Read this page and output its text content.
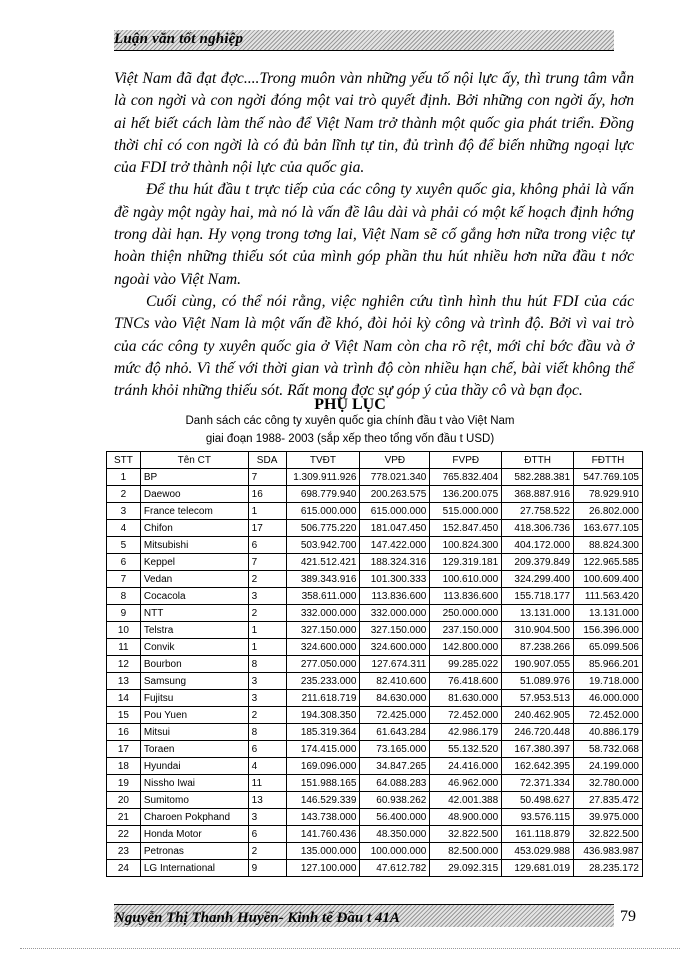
Luận văn tốt nghiệp

Việt Nam đã đạt đợc....Trong muôn vàn những yếu tố nội lực ấy, thì trung tâm vẫn là con ngời và con ngời đóng một vai trò quyết định. Bởi những con ngời ấy, hơn ai hết biết cách làm thế nào để Việt Nam trở thành một quốc gia phát triển. Đồng thời chỉ có con ngời là có đủ bản lĩnh tự tin, đủ trình độ để biến những ngoại lực của FDI trở thành nội lực của quốc gia.

Để thu hút đầu t trực tiếp của các công ty xuyên quốc gia, không phải là vấn đề ngày một ngày hai, mà nó là vấn đề lâu dài và phải có một kế hoạch định hớng trong dài hạn. Hy vọng trong tơng lai, Việt Nam sẽ cố gắng hơn nữa trong việc tự hoàn thiện những thiếu sót của mình góp phần thu hút nhiều hơn nữa đầu t nớc ngoài vào Việt Nam.

Cuối cùng, có thể nói rằng, việc nghiên cứu tình hình thu hút FDI của các TNCs vào Việt Nam là một vấn đề khó, đòi hỏi kỳ công và trình độ. Bởi vì vai trò của các công ty xuyên quốc gia ở Việt Nam còn cha rõ rệt, mới chỉ bớc đầu và ở mức độ nhỏ. Vì thế với thời gian và trình độ còn nhiều hạn chế, bài viết không thể tránh khỏi những thiếu sót. Rất mong đợc sự góp ý của thầy cô và bạn đọc.

PHỤ LỤC
Danh sách các công ty xuyên quốc gia chính đầu t vào Việt Nam
giai đoạn 1988- 2003 (sắp xếp theo tổng vốn đầu t USD)
STT	Tên CT	SDA	TVĐT	VPĐ	FVPĐ	ĐTTH	FĐTTH
1	BP	7	1.309.911.926	778.021.340	765.832.404	582.288.381	547.769.105
2	Daewoo	16	698.779.940	200.263.575	136.200.075	368.887.916	78.929.910
3	France telecom	1	615.000.000	615.000.000	515.000.000	27.758.522	26.802.000
4	Chifon	17	506.775.220	181.047.450	152.847.450	418.306.736	163.677.105
5	Mitsubishi	6	503.942.700	147.422.000	100.824.300	404.172.000	88.824.300
6	Keppel	7	421.512.421	188.324.316	129.319.181	209.379.849	122.965.585
7	Vedan	2	389.343.916	101.300.333	100.610.000	324.299.400	100.609.400
8	Cocacola	3	358.611.000	113.836.600	113.836.600	155.718.177	111.563.420
9	NTT	2	332.000.000	332.000.000	250.000.000	13.131.000	13.131.000
10	Telstra	1	327.150.000	327.150.000	237.150.000	310.904.500	156.396.000
11	Convik	1	324.600.000	324.600.000	142.800.000	87.238.266	65.099.506
12	Bourbon	8	277.050.000	127.674.311	99.285.022	190.907.055	85.966.201
13	Samsung	3	235.233.000	82.410.600	76.418.600	51.089.976	19.718.000
14	Fujitsu	3	211.618.719	84.630.000	81.630.000	57.953.513	46.000.000
15	Pou Yuen	2	194.308.350	72.425.000	72.452.000	240.462.905	72.452.000
16	Mitsui	8	185.319.364	61.643.284	42.986.179	246.720.448	40.886.179
17	Toraen	6	174.415.000	73.165.000	55.132.520	167.380.397	58.732.068
18	Hyundai	4	169.096.000	34.847.265	24.416.000	162.642.395	24.199.000
19	Nissho Iwai	11	151.988.165	64.088.283	46.962.000	72.371.334	32.780.000
20	Sumitomo	13	146.529.339	60.938.262	42.001.388	50.498.627	27.835.472
21	Charoen Pokphand	3	143.738.000	56.400.000	48.900.000	93.576.115	39.975.000
22	Honda Motor	6	141.760.436	48.350.000	32.822.500	161.118.879	32.822.500
23	Petronas	2	135.000.000	100.000.000	82.500.000	453.029.988	436.983.987
24	LG International	9	127.100.000	47.612.782	29.092.315	129.681.019	28.235.172
Nguyễn Thị Thanh Huyền- Kinh tế Đầu t 41A	79
